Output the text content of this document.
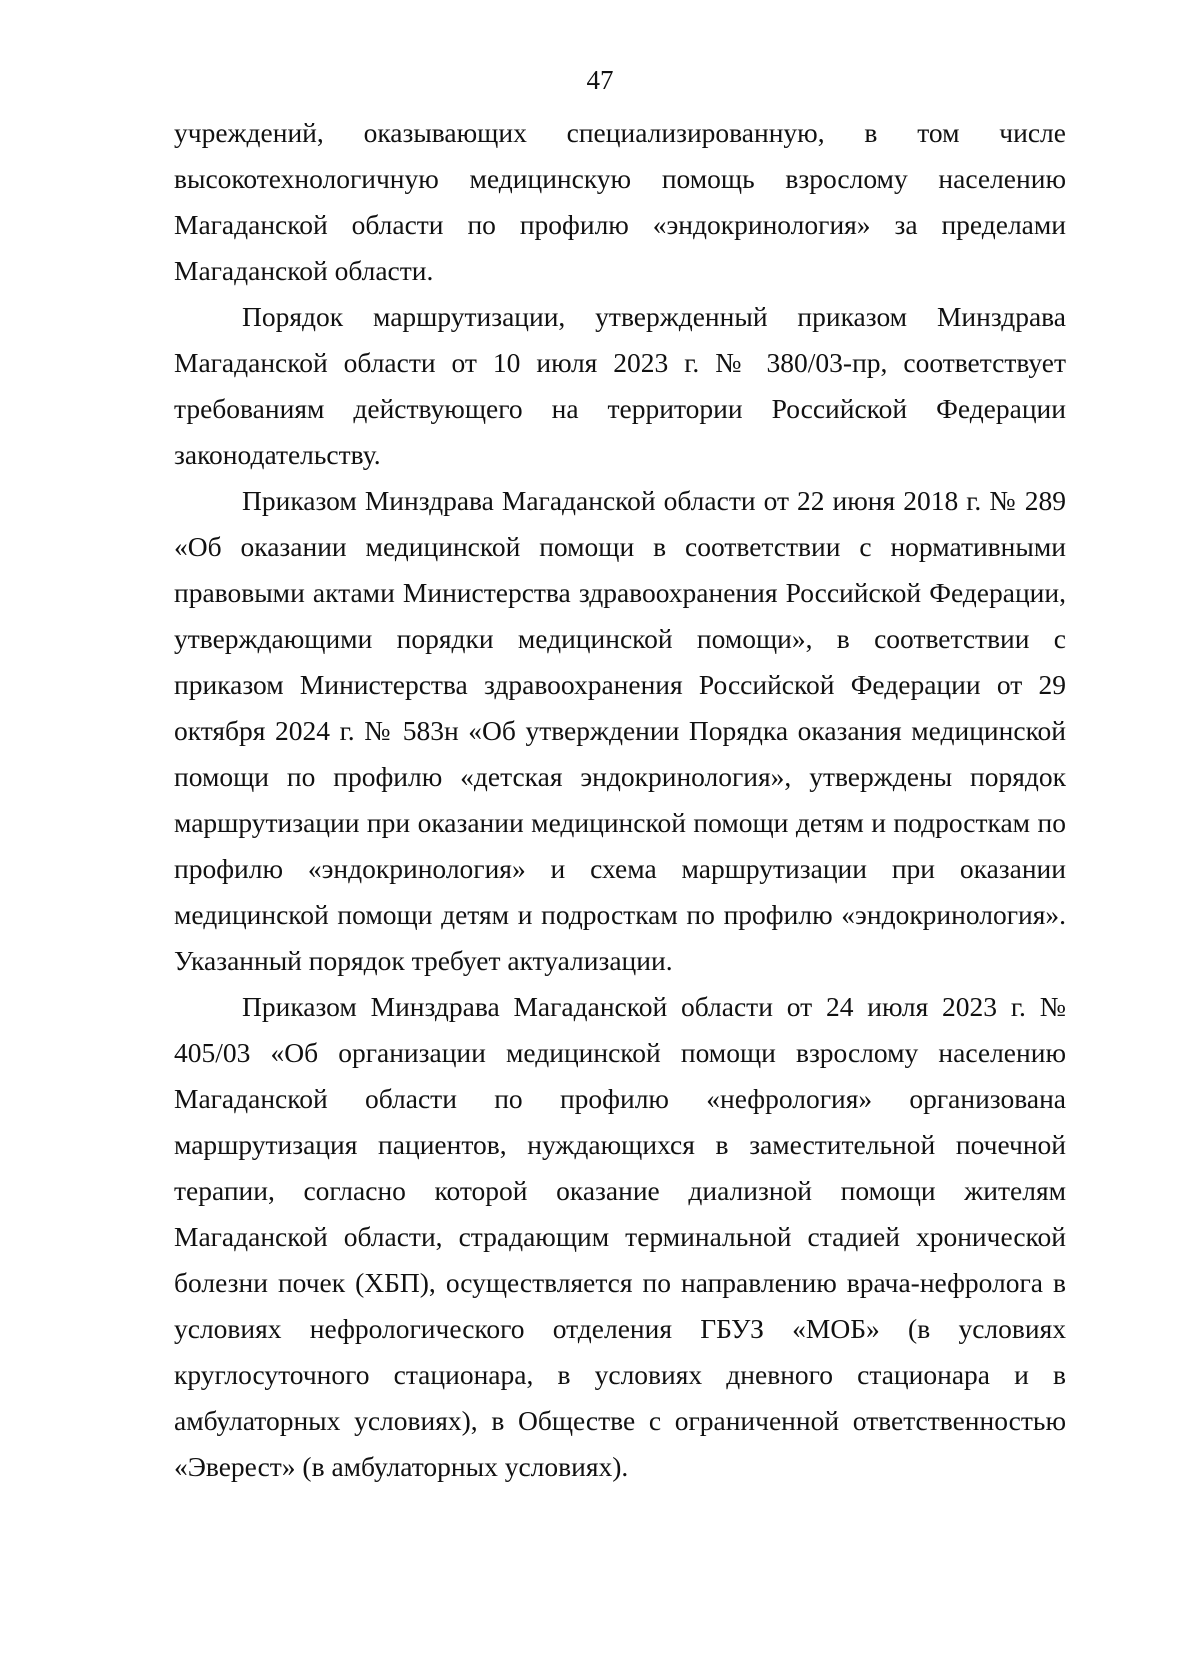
47

учреждений, оказывающих специализированную, в том числе высокотехнологичную медицинскую помощь взрослому населению Магаданской области по профилю «эндокринология» за пределами Магаданской области.

Порядок маршрутизации, утвержденный приказом Минздрава Магаданской области от 10 июля 2023 г. № 380/03-пр, соответствует требованиям действующего на территории Российской Федерации законодательству.

Приказом Минздрава Магаданской области от 22 июня 2018 г. № 289 «Об оказании медицинской помощи в соответствии с нормативными правовыми актами Министерства здравоохранения Российской Федерации, утверждающими порядки медицинской помощи», в соответствии с приказом Министерства здравоохранения Российской Федерации от 29 октября 2024 г. № 583н «Об утверждении Порядка оказания медицинской помощи по профилю «детская эндокринология», утверждены порядок маршрутизации при оказании медицинской помощи детям и подросткам по профилю «эндокринология» и схема маршрутизации при оказании медицинской помощи детям и подросткам по профилю «эндокринология». Указанный порядок требует актуализации.

Приказом Минздрава Магаданской области от 24 июля 2023 г. № 405/03 «Об организации медицинской помощи взрослому населению Магаданской области по профилю «нефрология» организована маршрутизация пациентов, нуждающихся в заместительной почечной терапии, согласно которой оказание диализной помощи жителям Магаданской области, страдающим терминальной стадией хронической болезни почек (ХБП), осуществляется по направлению врача-нефролога в условиях нефрологического отделения ГБУЗ «МОБ» (в условиях круглосуточного стационара, в условиях дневного стационара и в амбулаторных условиях), в Обществе с ограниченной ответственностью «Эверест» (в амбулаторных условиях).
